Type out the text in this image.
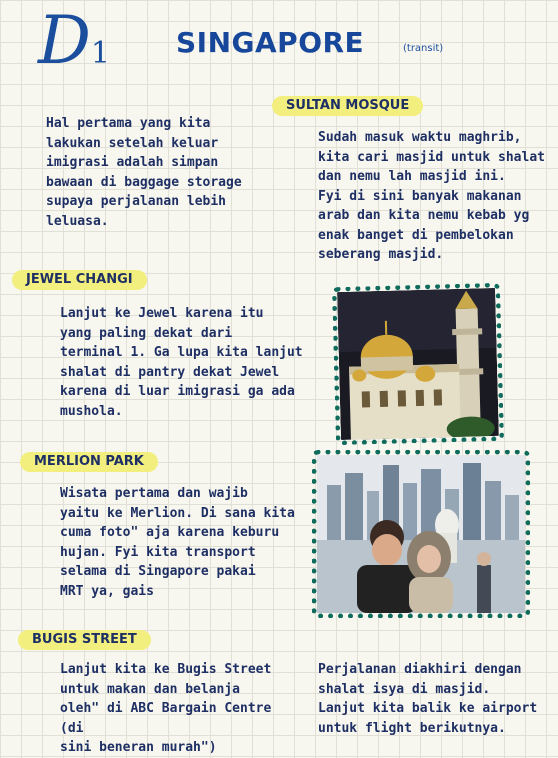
D1 SINGAPORE	(transit)
Hal pertama yang kita
lakukan setelah keluar
imigrasi adalah simpan
bawaan di baggage storage
supaya perjalanan lebih
leluasa.
SULTAN MOSQUE
Sudah masuk waktu maghrib,
kita cari masjid untuk shalat
dan nemu lah masjid ini.
Fyi di sini banyak makanan
arab dan kita nemu kebab yg
enak banget di pembelokan
seberang masjid.
JEWEL CHANGI
Lanjut ke Jewel karena itu
yang paling dekat dari
terminal 1. Ga lupa kita lanjut
shalat di pantry dekat Jewel
karena di luar imigrasi ga ada
mushola.
MERLION PARK
Wisata pertama dan wajib
yaitu ke Merlion. Di sana kita
cuma foto" aja karena keburu
hujan. Fyi kita transport
selama di Singapore pakai
MRT ya, gais
BUGIS STREET
Lanjut kita ke Bugis Street
untuk makan dan belanja
oleh" di ABC Bargain Centre (di
sini beneran murah")
Perjalanan diakhiri dengan
shalat isya di masjid.
Lanjut kita balik ke airport
untuk flight berikutnya.
